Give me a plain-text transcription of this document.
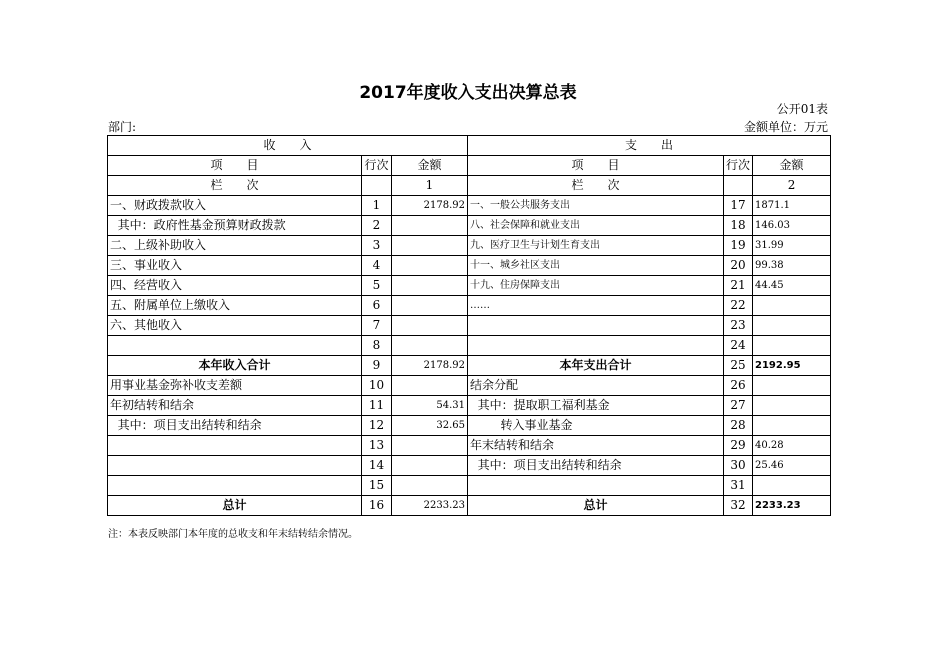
2017年度收入支出决算总表
公开01表
部门:	金额单位：万元
收　　入			支　　出		
项　　目	行次	金额	项　　目	行次	金额
栏　　次		1	栏　　次		2
一、财政拨款收入	1	2178.92	一、一般公共服务支出	17	1871.1
其中：政府性基金预算财政拨款	2		八、社会保障和就业支出	18	146.03
二、上级补助收入	3		九、医疗卫生与计划生育支出	19	31.99
三、事业收入	4		十一、城乡社区支出	20	99.38
四、经营收入	5		十九、住房保障支出	21	44.45
五、附属单位上缴收入	6		……	22	
六、其他收入	7			23	
	8			24	
本年收入合计	9	2178.92	本年支出合计	25	2192.95
用事业基金弥补收支差额	10		结余分配	26	
年初结转和结余	11	54.31	其中：提取职工福利基金	27	
其中：项目支出结转和结余	12	32.65	转入事业基金	28	
	13		年末结转和结余	29	40.28
	14		其中：项目支出结转和结余	30	25.46
	15			31	
总计	16	2233.23	总计	32	2233.23
注：本表反映部门本年度的总收支和年末结转结余情况。
